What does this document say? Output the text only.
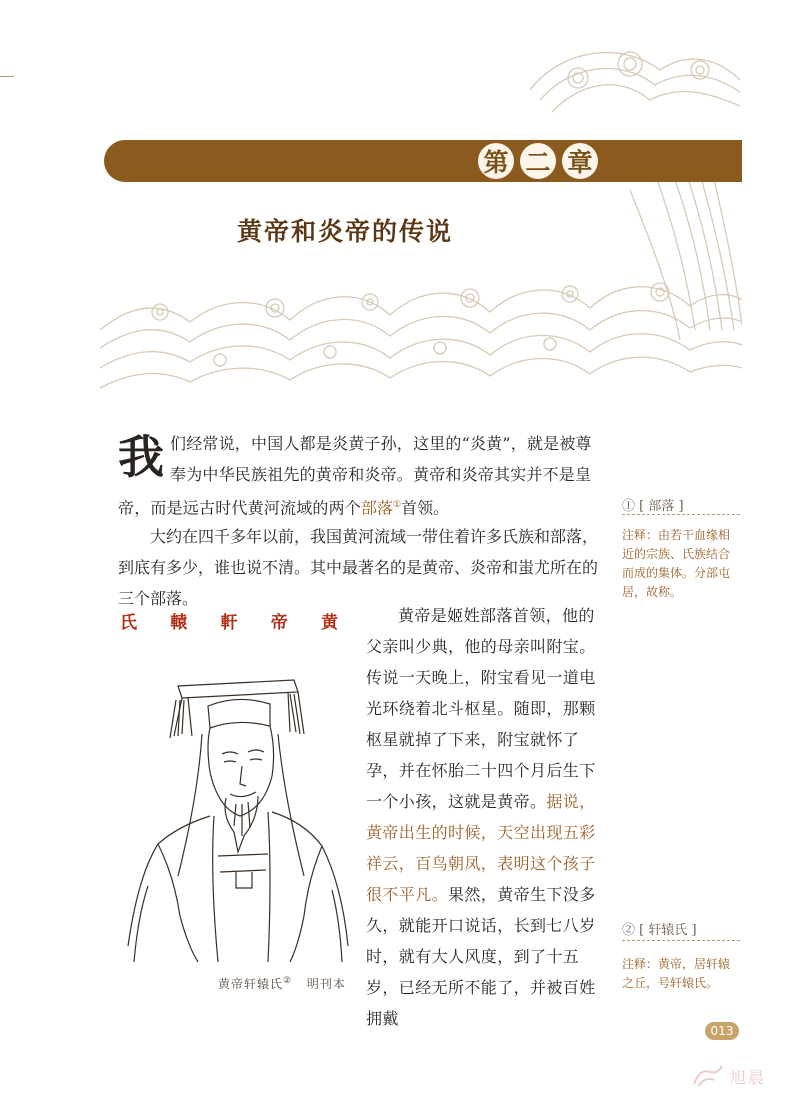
第 二 章
黄帝和炎帝的传说
我们经常说，中国人都是炎黄子孙，这里的“炎黄”，就是被尊奉为中华民族祖先的黄帝和炎帝。黄帝和炎帝其实并不是皇帝，而是远古时代黄河流域的两个部落①首领。
大约在四千多年以前，我国黄河流域一带住着许多氏族和部落，到底有多少，谁也说不清。其中最著名的是黄帝、炎帝和蚩尤所在的三个部落。
氏 轅 軒 帝 黄
黄帝轩辕氏② 明刊本
黄帝是姬姓部落首领，他的父亲叫少典，他的母亲叫附宝。传说一天晚上，附宝看见一道电光环绕着北斗枢星。随即，那颗枢星就掉了下来，附宝就怀了孕，并在怀胎二十四个月后生下一个小孩，这就是黄帝。据说，黄帝出生的时候，天空出现五彩祥云，百鸟朝凤，表明这个孩子很不平凡。果然，黄帝生下没多久，就能开口说话，长到七八岁时，就有大人风度，到了十五岁，已经无所不能了，并被百姓拥戴
① [ 部落 ]
注释：由若干血缘相近的宗族、氏族结合而成的集体。分部屯居，故称。
② [ 轩辕氏 ]
注释：黄帝，居轩辕之丘，号轩辕氏。
013
旭晨
